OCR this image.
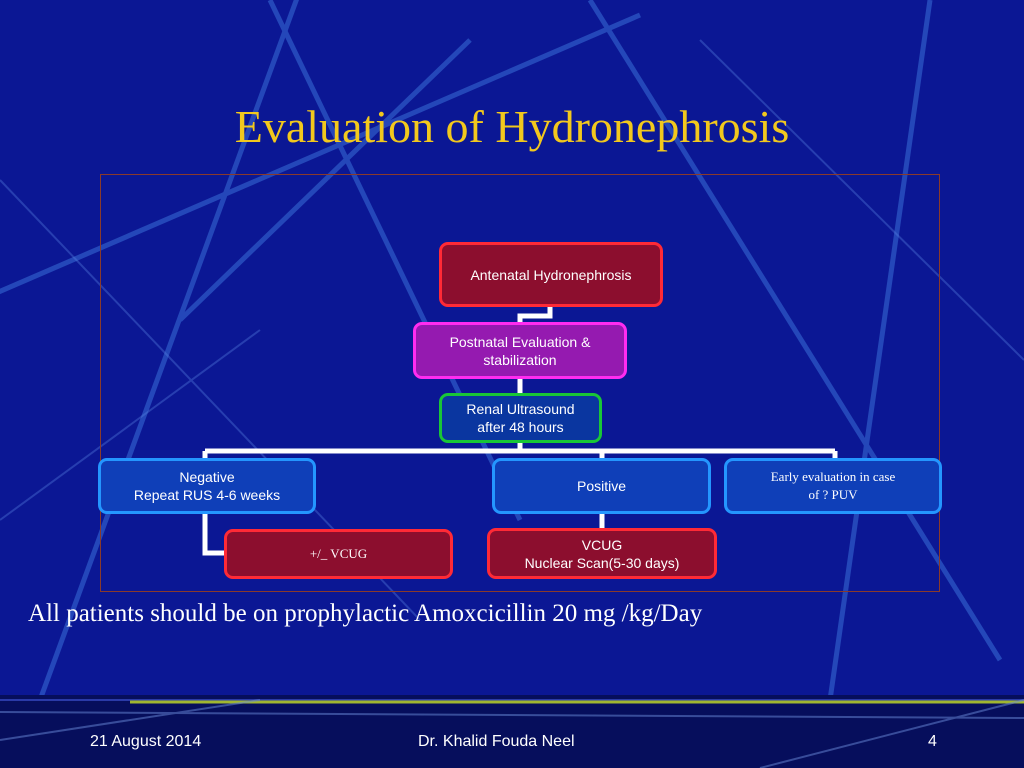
Evaluation of Hydronephrosis
Antenatal Hydronephrosis
Postnatal Evaluation &
stabilization
Renal Ultrasound
after 48 hours
Negative
Repeat RUS 4-6 weeks
Positive
Early evaluation in case
of ? PUV
+/_ VCUG
VCUG
Nuclear Scan(5-30 days)
All patients should be on prophylactic Amoxcicillin 20 mg /kg/Day
21 August 2014	Dr. Khalid Fouda Neel	4
